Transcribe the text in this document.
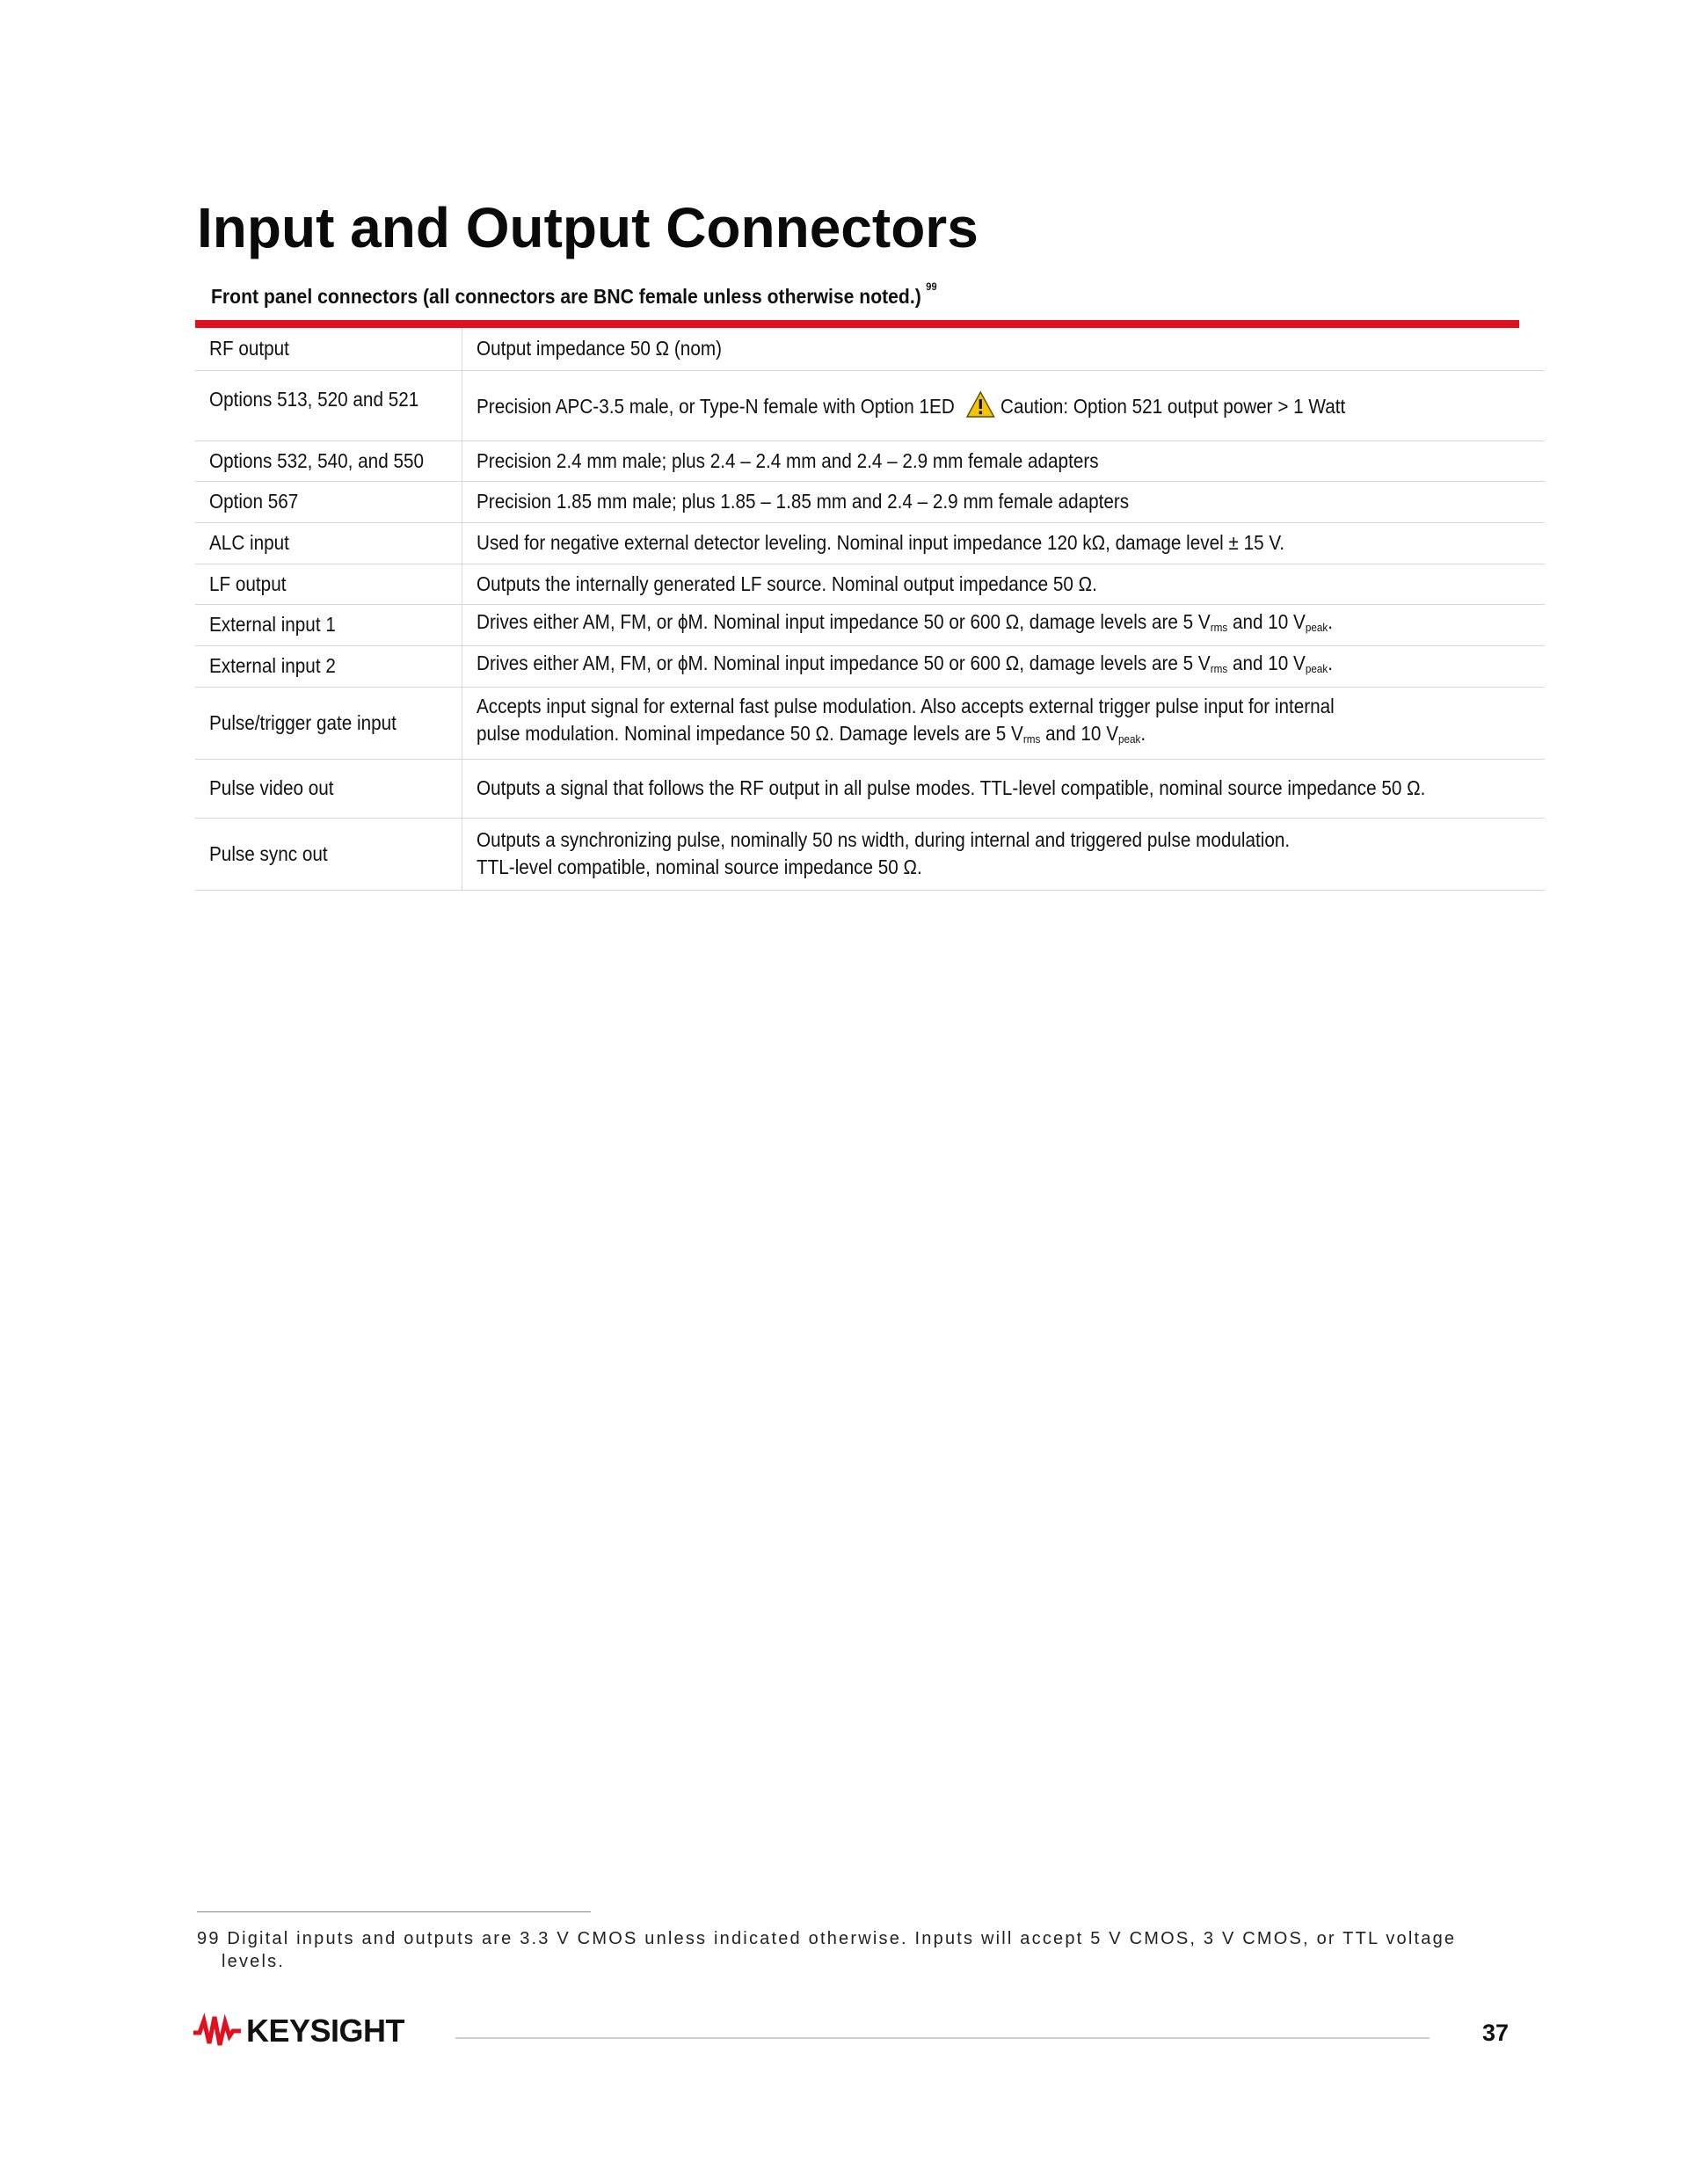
Input and Output Connectors
Front panel connectors (all connectors are BNC female unless otherwise noted.) $^{99}$
RF output	Output impedance 50 Ω (nom)
Options 513, 520 and 521	Precision APC-3.5 male, or Type-N female with Option 1ED Caution: Option 521 output power > 1 Watt
Options 532, 540, and 550	Precision 2.4 mm male; plus 2.4 – 2.4 mm and 2.4 – 2.9 mm female adapters
Option 567	Precision 1.85 mm male; plus 1.85 – 1.85 mm and 2.4 – 2.9 mm female adapters
ALC input	Used for negative external detector leveling. Nominal input impedance 120 kΩ, damage level ± 15 V.
LF output	Outputs the internally generated LF source. Nominal output impedance 50 Ω.
External input 1	Drives either AM, FM, or ϕM. Nominal input impedance 50 or 600 Ω, damage levels are 5 $V_{rms}$ and 10 $V_{peak}$.
External input 2	Drives either AM, FM, or ϕM. Nominal input impedance 50 or 600 Ω, damage levels are 5 $V_{rms}$ and 10 $V_{peak}$.
Pulse/trigger gate input	Accepts input signal for external fast pulse modulation. Also accepts external trigger pulse input for internal
pulse modulation. Nominal impedance 50 Ω. Damage levels are 5 $V_{rms}$ and 10 $V_{peak}$.
Pulse video out	Outputs a signal that follows the RF output in all pulse modes. TTL-level compatible, nominal source impedance 50 Ω.
Pulse sync out	Outputs a synchronizing pulse, nominally 50 ns width, during internal and triggered pulse modulation.
TTL-level compatible, nominal source impedance 50 Ω.

99 Digital inputs and outputs are 3.3 V CMOS unless indicated otherwise. Inputs will accept 5 V CMOS, 3 V CMOS, or TTL voltage
levels.

KEYSIGHT	37
